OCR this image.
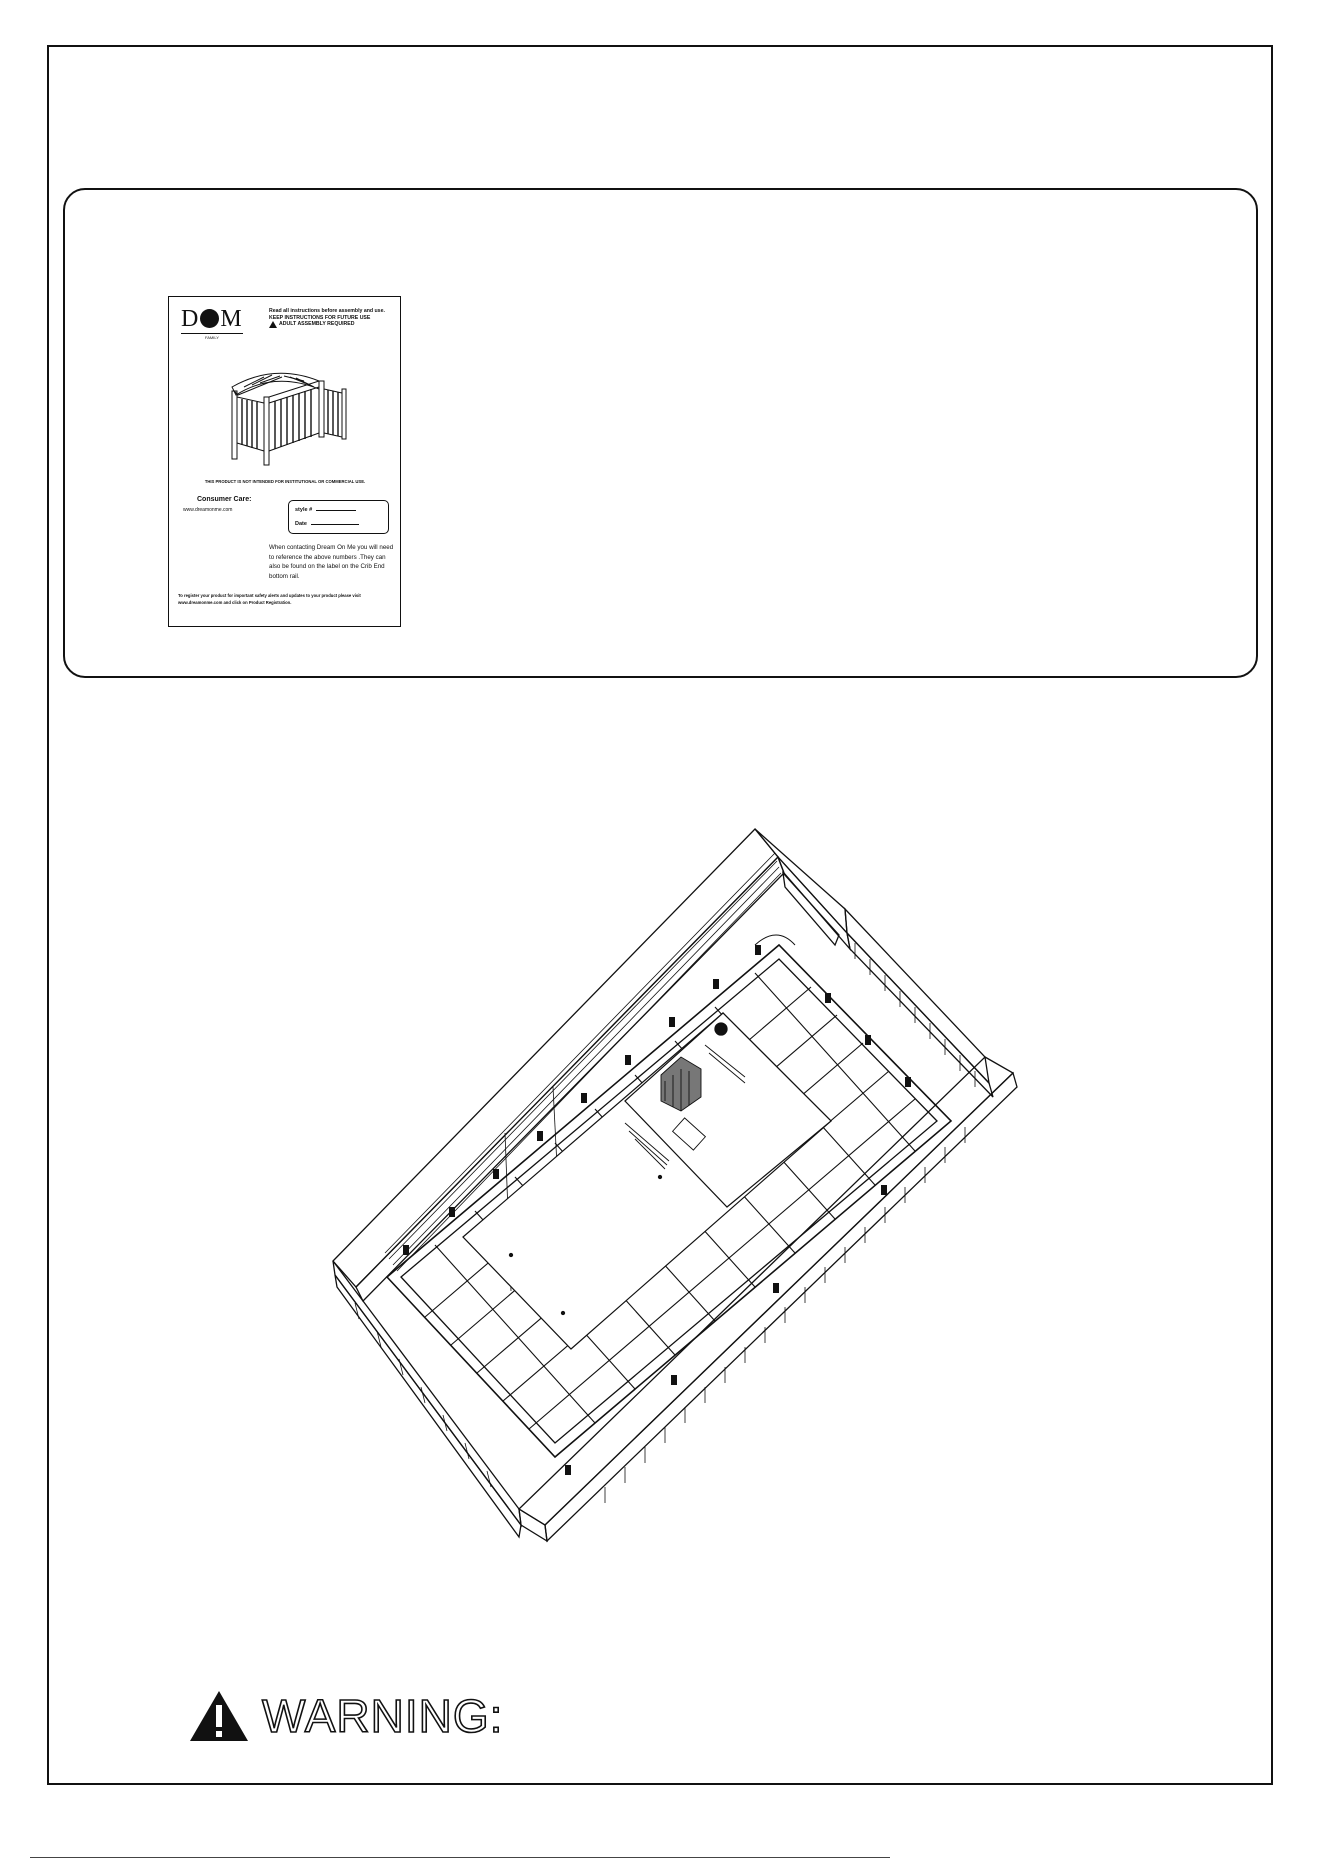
D M
FAMILY
Read all instructions before assembly and use.
KEEP INSTRUCTIONS FOR FUTURE USE
ADULT ASSEMBLY REQUIRED
THIS PRODUCT IS NOT INTENDED FOR INSTITUTIONAL OR COMMERCIAL USE.
Consumer Care:
www.dreamonme.com	style #
Date
When contacting Dream On Me you will need to reference the above numbers .They can also be found on the label on the Crib End bottom rail.
To register your product for important safety alerts and updates to your product please visit www.dreamonme.com and click on Product Registration.
WARNING:
